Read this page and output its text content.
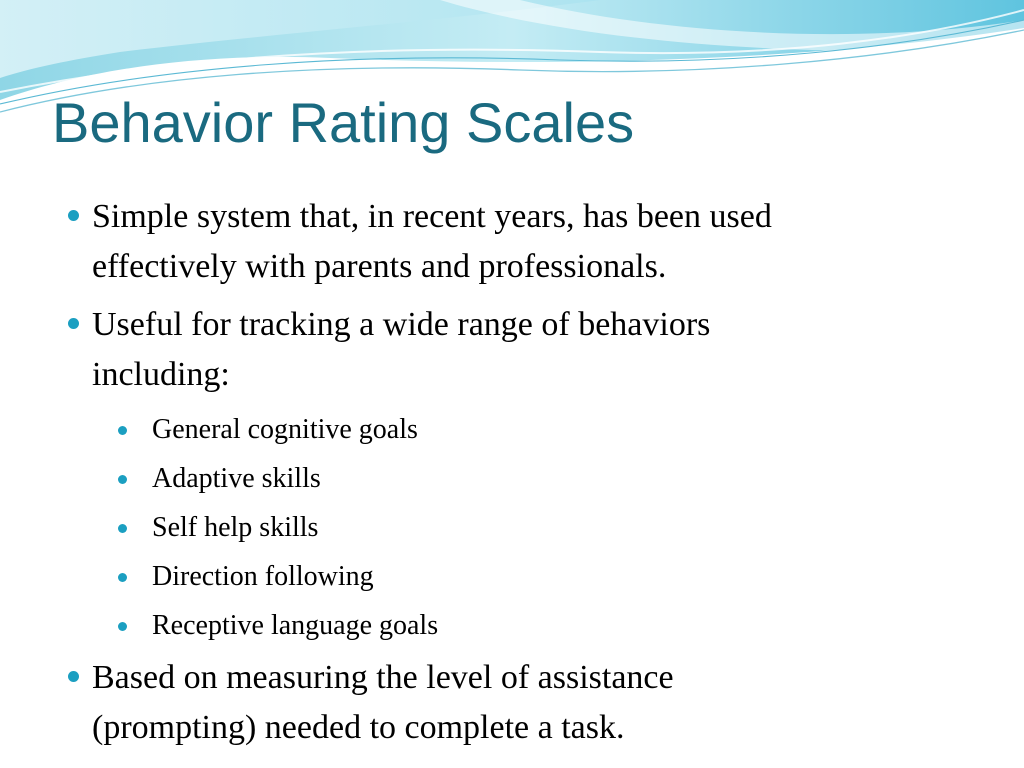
Behavior Rating Scales
Simple system that, in recent years, has been used
effectively with parents and professionals.
Useful for tracking a wide range of behaviors
including:
General cognitive goals
Adaptive skills
Self help skills
Direction following
Receptive language goals
Based on measuring the level of assistance
(prompting) needed to complete a task.
